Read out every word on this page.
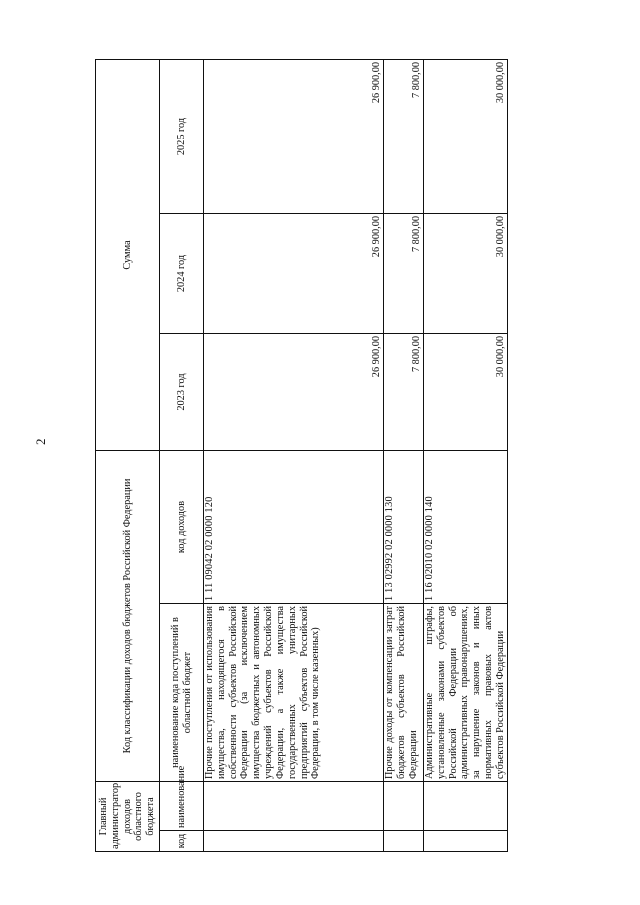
2
Главный администратор доходов областного бюджета		Код классификации доходов бюджетов Российской Федерации		Сумма		
код	наименование	наименование кода поступлений в областной бюджет	код доходов	2023 год	2024 год	2025 год
		Прочие поступления от использования имущества, находящегося в собственности субъектов Российской Федерации (за исключением имущества бюджетных и автономных учреждений субъектов Российской Федерации, а также имущества государственных унитарных предприятий субъектов Российской Федерации, в том числе казенных)	1 11 09042 02 0000 120	26 900,00	26 900,00	26 900,00
		Прочие доходы от компенсации затрат бюджетов субъектов Российской Федерации	1 13 02992 02 0000 130	7 800,00	7 800,00	7 800,00
		Административные штрафы, установленные законами субъектов Российской Федерации об административных правонарушениях, за нарушение законов и иных нормативных правовых актов субъектов Российской Федерации	1 16 02010 02 0000 140	30 000,00	30 000,00	30 000,00
